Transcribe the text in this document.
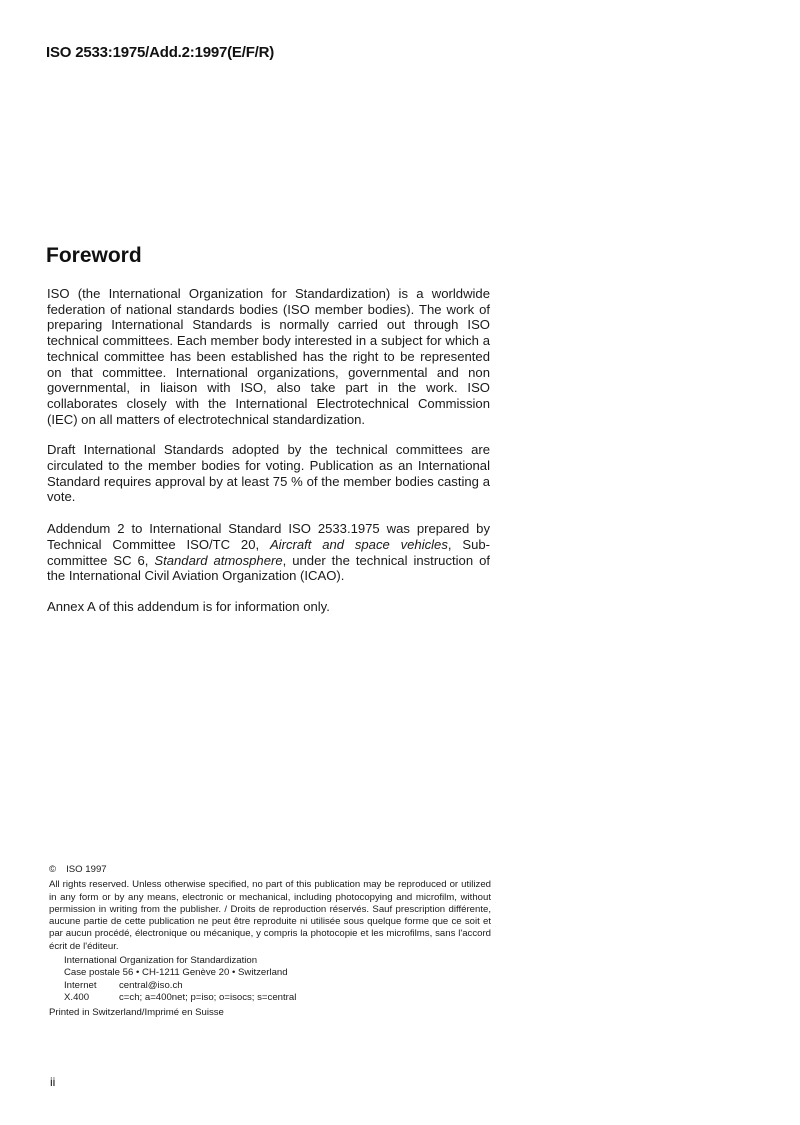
ISO 2533:1975/Add.2:1997(E/F/R)
Foreword

ISO (the International Organization for Standardization) is a worldwide federation of national standards bodies (ISO member bodies). The work of preparing International Standards is normally carried out through ISO technical committees. Each member body interested in a subject for which a technical committee has been established has the right to be represented on that committee. International organizations, governmental and non governmental, in liaison with ISO, also take part in the work. ISO collaborates closely with the International Electrotechnical Commission (IEC) on all matters of electrotechnical standardization.

Draft International Standards adopted by the technical committees are circulated to the member bodies for voting. Publication as an International Standard requires approval by at least 75 % of the member bodies casting a vote.

Addendum 2 to International Standard ISO 2533.1975 was prepared by Technical Committee ISO/TC 20, Aircraft and space vehicles, Sub-committee SC 6, Standard atmosphere, under the technical instruction of the International Civil Aviation Organization (ICAO).

Annex A of this addendum is for information only.

© ISO 1997

All rights reserved. Unless otherwise specified, no part of this publication may be reproduced or utilized in any form or by any means, electronic or mechanical, including photocopying and microfilm, without permission in writing from the publisher. / Droits de reproduction réservés. Sauf prescription différente, aucune partie de cette publication ne peut être reproduite ni utilisée sous quelque forme que ce soit et par aucun procédé, électronique ou mécanique, y compris la photocopie et les microfilms, sans l'accord écrit de l'éditeur.

International Organization for Standardization
Case postale 56 • CH-1211 Genève 20 • Switzerland
Internet	central@iso.ch
X.400	c=ch; a=400net; p=iso; o=isocs; s=central
Printed in Switzerland/Imprimé en Suisse
ii
